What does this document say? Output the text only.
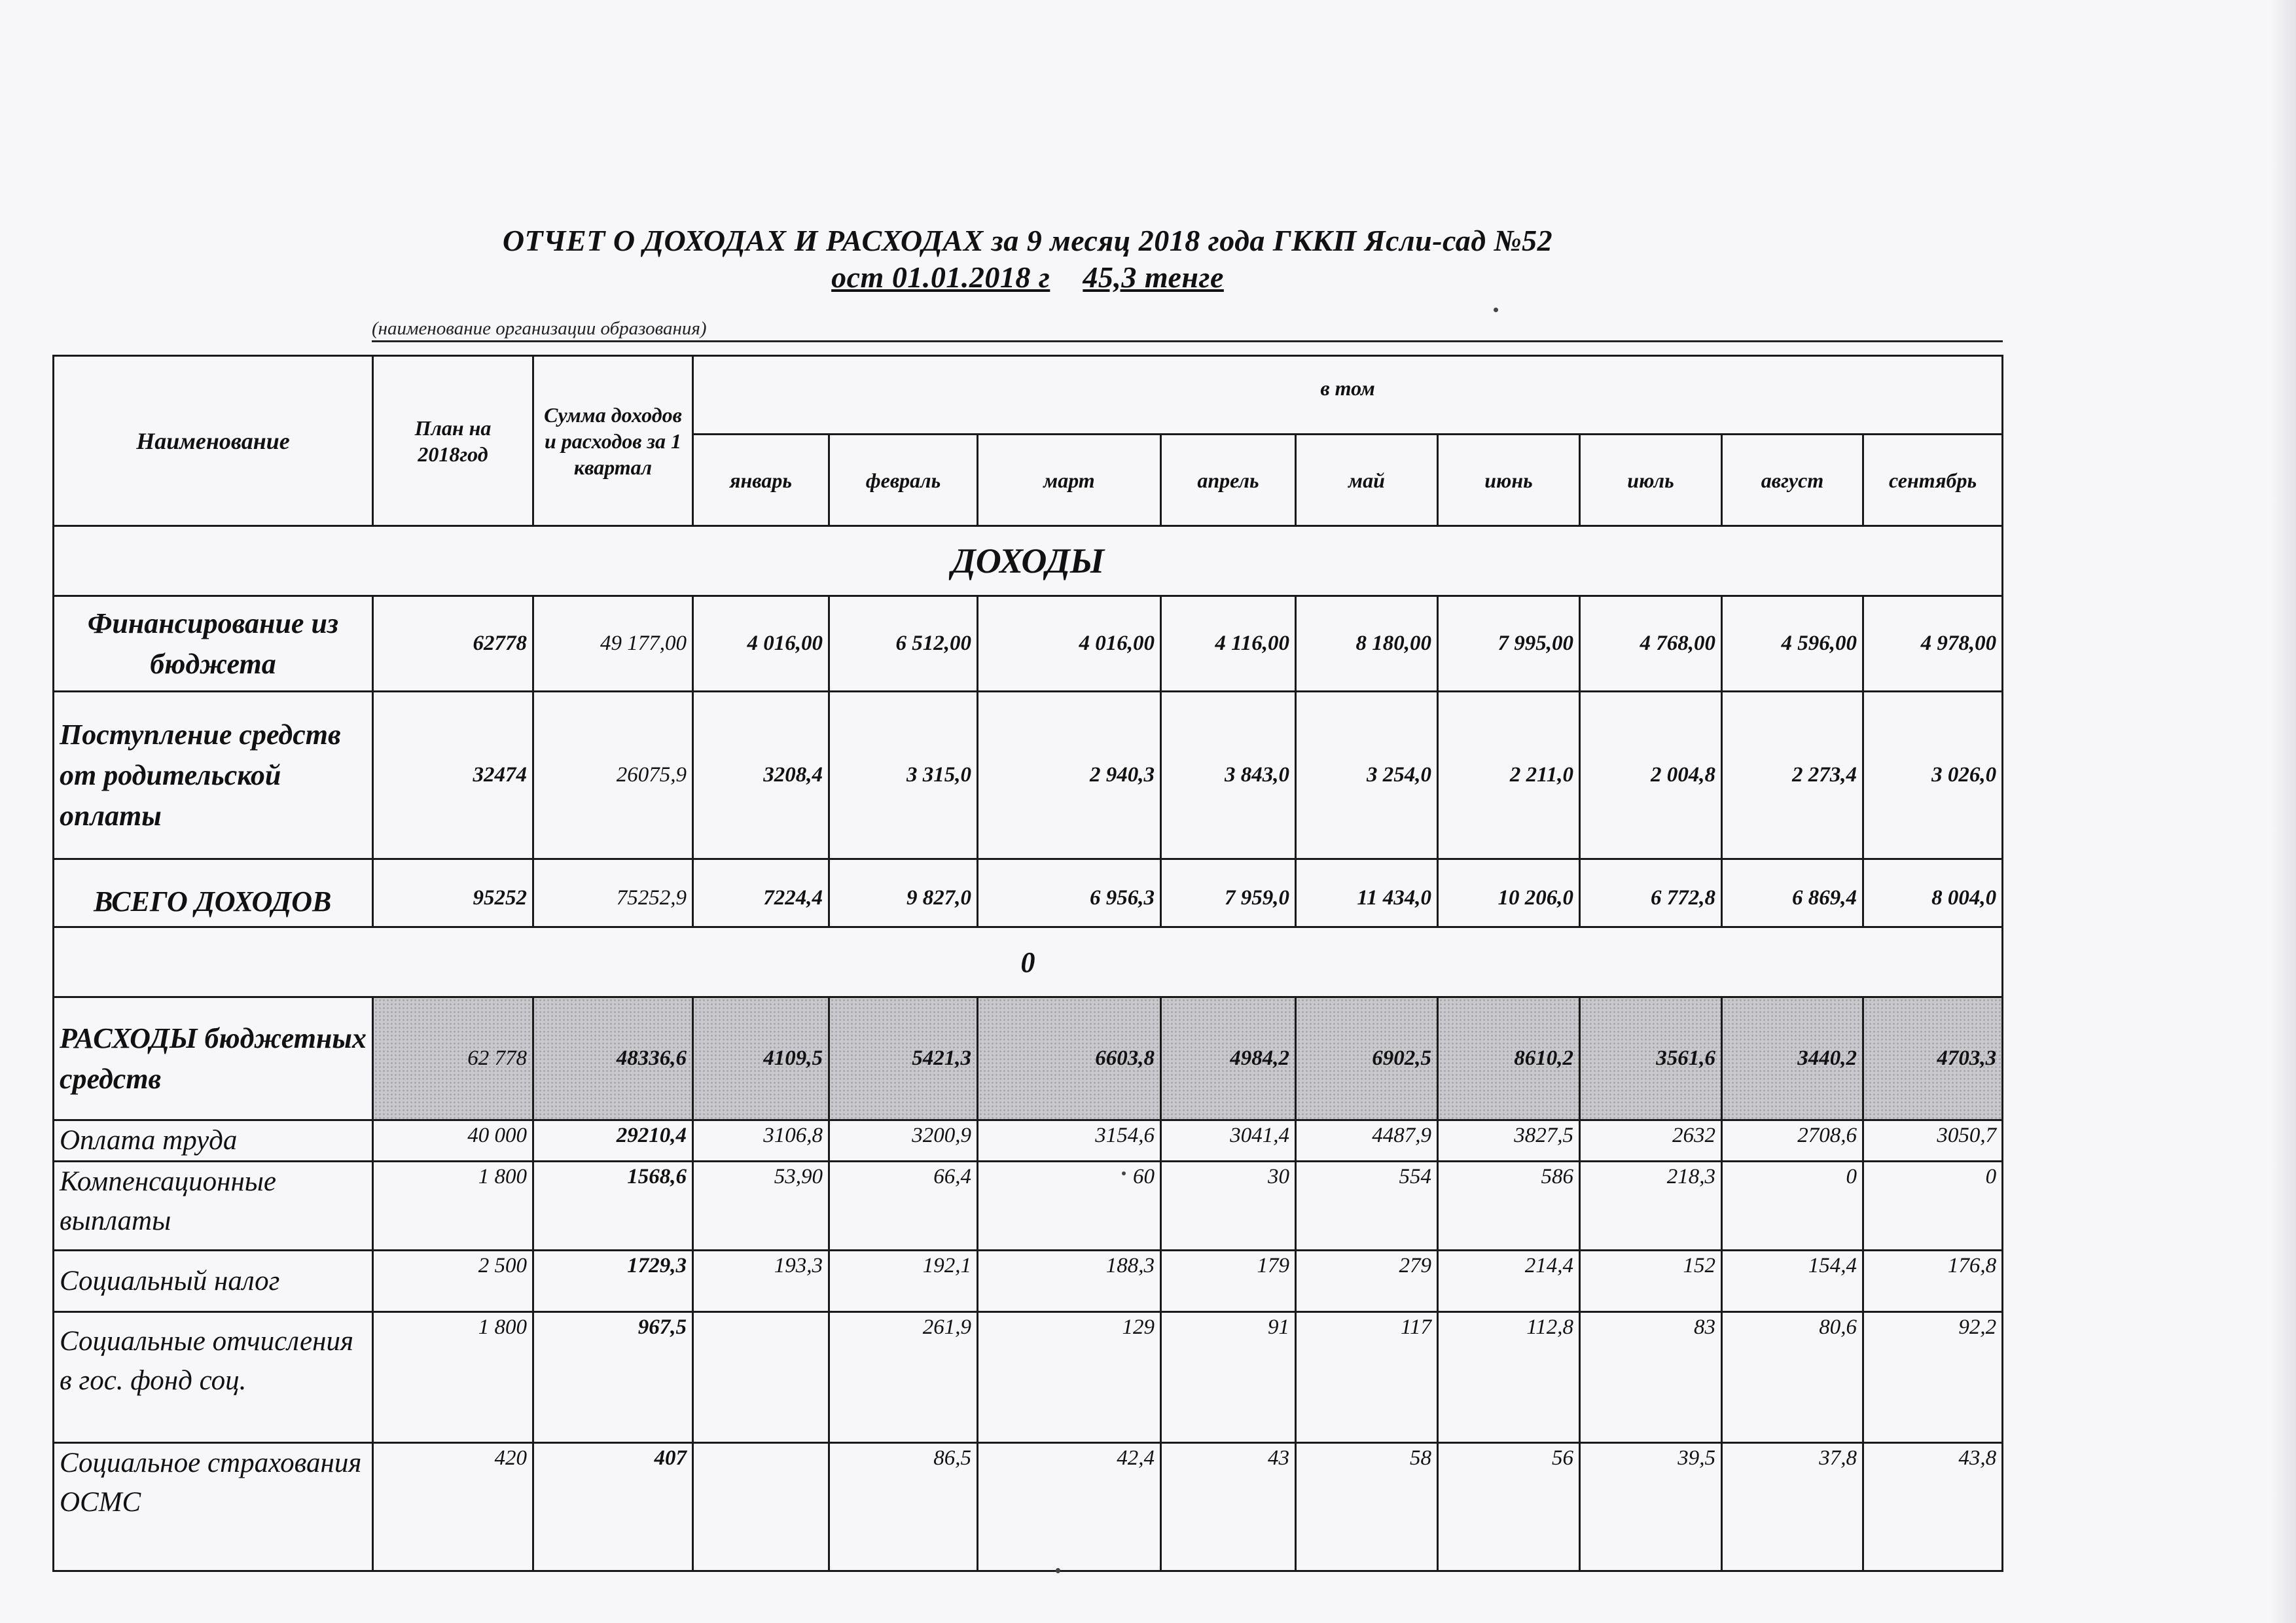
ОТЧЕТ О ДОХОДАХ И РАСХОДАХ за 9 месяц 2018 года ГККП Ясли-сад №52
ост 01.01.2018 г 45,3 тенге
(наименование организации образования)
Наименование	План на 2018год	Сумма доходов и расходов за 1 квартал	в том								
			январь	февраль	март	апрель	май	июнь	июль	август	сентябрь
ДОХОДЫ											
Финансирование из бюджета	62778	49 177,00	4 016,00	6 512,00	4 016,00	4 116,00	8 180,00	7 995,00	4 768,00	4 596,00	4 978,00
Поступление средств от родительской оплаты	32474	26075,9	3208,4	3 315,0	2 940,3	3 843,0	3 254,0	2 211,0	2 004,8	2 273,4	3 026,0
ВСЕГО ДОХОДОВ	95252	75252,9	7224,4	9 827,0	6 956,3	7 959,0	11 434,0	10 206,0	6 772,8	6 869,4	8 004,0
0											
РАСХОДЫ бюджетных средств	62 778	48336,6	4109,5	5421,3	6603,8	4984,2	6902,5	8610,2	3561,6	3440,2	4703,3
Оплата труда	40 000	29210,4	3106,8	3200,9	3154,6	3041,4	4487,9	3827,5	2632	2708,6	3050,7
Компенсационные выплаты	1 800	1568,6	53,90	66,4	60	30	554	586	218,3	0	0
Социальный налог	2 500	1729,3	193,3	192,1	188,3	179	279	214,4	152	154,4	176,8
Социальные отчисления в гос. фонд соц.	1 800	967,5		261,9	129	91	117	112,8	83	80,6	92,2
Социальное страхования ОСМС	420	407		86,5	42,4	43	58	56	39,5	37,8	43,8
